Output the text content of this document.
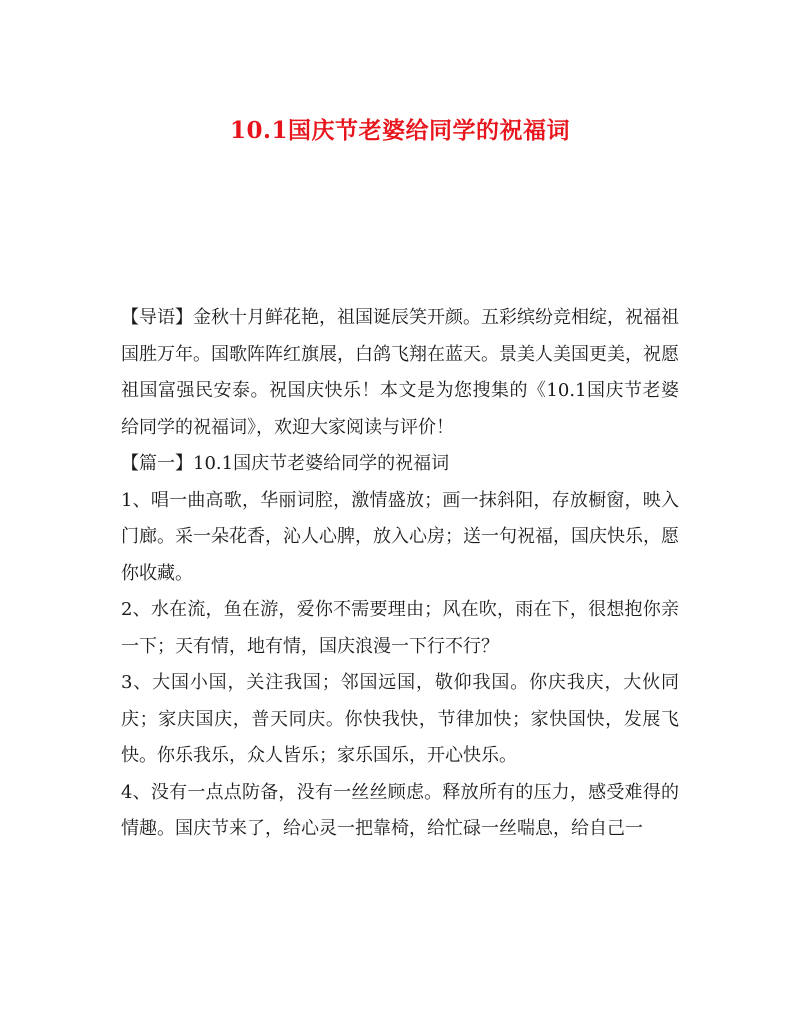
10.1国庆节老婆给同学的祝福词

【导语】金秋十月鲜花艳，祖国诞辰笑开颜。五彩缤纷竞相绽，祝福祖国胜万年。国歌阵阵红旗展，白鸽飞翔在蓝天。景美人美国更美，祝愿祖国富强民安泰。祝国庆快乐！本文是为您搜集的《10.1国庆节老婆给同学的祝福词》，欢迎大家阅读与评价！

【篇一】10.1国庆节老婆给同学的祝福词

1、唱一曲高歌，华丽词腔，激情盛放；画一抹斜阳，存放橱窗，映入门廊。采一朵花香，沁人心脾，放入心房；送一句祝福，国庆快乐，愿你收藏。

2、水在流，鱼在游，爱你不需要理由；风在吹，雨在下，很想抱你亲一下；天有情，地有情，国庆浪漫一下行不行？

3、大国小国，关注我国；邻国远国，敬仰我国。你庆我庆，大伙同庆；家庆国庆，普天同庆。你快我快，节律加快；家快国快，发展飞快。你乐我乐，众人皆乐；家乐国乐，开心快乐。

4、没有一点点防备，没有一丝丝顾虑。释放所有的压力，感受难得的情趣。国庆节来了，给心灵一把靠椅，给忙碌一丝喘息，给自己一
